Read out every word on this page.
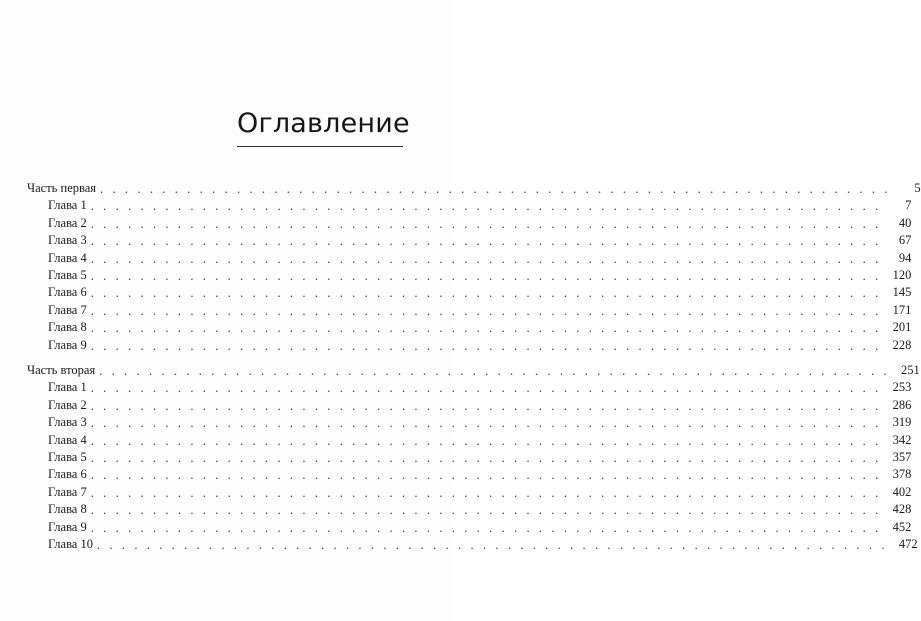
Оглавление
Часть первая . . . . . . . . . . . . . . . . . . . . . . . . . . . . . . . . . . . . . . . . . . . . . . . . . . . . . . . . . . . . . . . .	5
Глава 1 . . . . . . . . . . . . . . . . . . . . . . . . . . . . . . . . . . . . . . . . . . . . . . . . . . . . . . . . . . . . . . . .	7
Глава 2 . . . . . . . . . . . . . . . . . . . . . . . . . . . . . . . . . . . . . . . . . . . . . . . . . . . . . . . . . . . . . . . .	40
Глава 3 . . . . . . . . . . . . . . . . . . . . . . . . . . . . . . . . . . . . . . . . . . . . . . . . . . . . . . . . . . . . . . . .	67
Глава 4 . . . . . . . . . . . . . . . . . . . . . . . . . . . . . . . . . . . . . . . . . . . . . . . . . . . . . . . . . . . . . . . .	94
Глава 5 . . . . . . . . . . . . . . . . . . . . . . . . . . . . . . . . . . . . . . . . . . . . . . . . . . . . . . . . . . . . . . . . 120
Глава 6 . . . . . . . . . . . . . . . . . . . . . . . . . . . . . . . . . . . . . . . . . . . . . . . . . . . . . . . . . . . . . . . . 145
Глава 7 . . . . . . . . . . . . . . . . . . . . . . . . . . . . . . . . . . . . . . . . . . . . . . . . . . . . . . . . . . . . . . . . 171
Глава 8 . . . . . . . . . . . . . . . . . . . . . . . . . . . . . . . . . . . . . . . . . . . . . . . . . . . . . . . . . . . . . . . . 201
Глава 9 . . . . . . . . . . . . . . . . . . . . . . . . . . . . . . . . . . . . . . . . . . . . . . . . . . . . . . . . . . . . . . . . 228
Часть вторая . . . . . . . . . . . . . . . . . . . . . . . . . . . . . . . . . . . . . . . . . . . . . . . . . . . . . . . . . . . . . . . . 251
Глава 1 . . . . . . . . . . . . . . . . . . . . . . . . . . . . . . . . . . . . . . . . . . . . . . . . . . . . . . . . . . . . . . . . 253
Глава 2 . . . . . . . . . . . . . . . . . . . . . . . . . . . . . . . . . . . . . . . . . . . . . . . . . . . . . . . . . . . . . . . . 286
Глава 3 . . . . . . . . . . . . . . . . . . . . . . . . . . . . . . . . . . . . . . . . . . . . . . . . . . . . . . . . . . . . . . . . 319
Глава 4 . . . . . . . . . . . . . . . . . . . . . . . . . . . . . . . . . . . . . . . . . . . . . . . . . . . . . . . . . . . . . . . . 342
Глава 5 . . . . . . . . . . . . . . . . . . . . . . . . . . . . . . . . . . . . . . . . . . . . . . . . . . . . . . . . . . . . . . . . 357
Глава 6 . . . . . . . . . . . . . . . . . . . . . . . . . . . . . . . . . . . . . . . . . . . . . . . . . . . . . . . . . . . . . . . . 378
Глава 7 . . . . . . . . . . . . . . . . . . . . . . . . . . . . . . . . . . . . . . . . . . . . . . . . . . . . . . . . . . . . . . . . 402
Глава 8 . . . . . . . . . . . . . . . . . . . . . . . . . . . . . . . . . . . . . . . . . . . . . . . . . . . . . . . . . . . . . . . . 428
Глава 9 . . . . . . . . . . . . . . . . . . . . . . . . . . . . . . . . . . . . . . . . . . . . . . . . . . . . . . . . . . . . . . . . 452
Глава 10 . . . . . . . . . . . . . . . . . . . . . . . . . . . . . . . . . . . . . . . . . . . . . . . . . . . . . . . . . . . . . . . . 472
